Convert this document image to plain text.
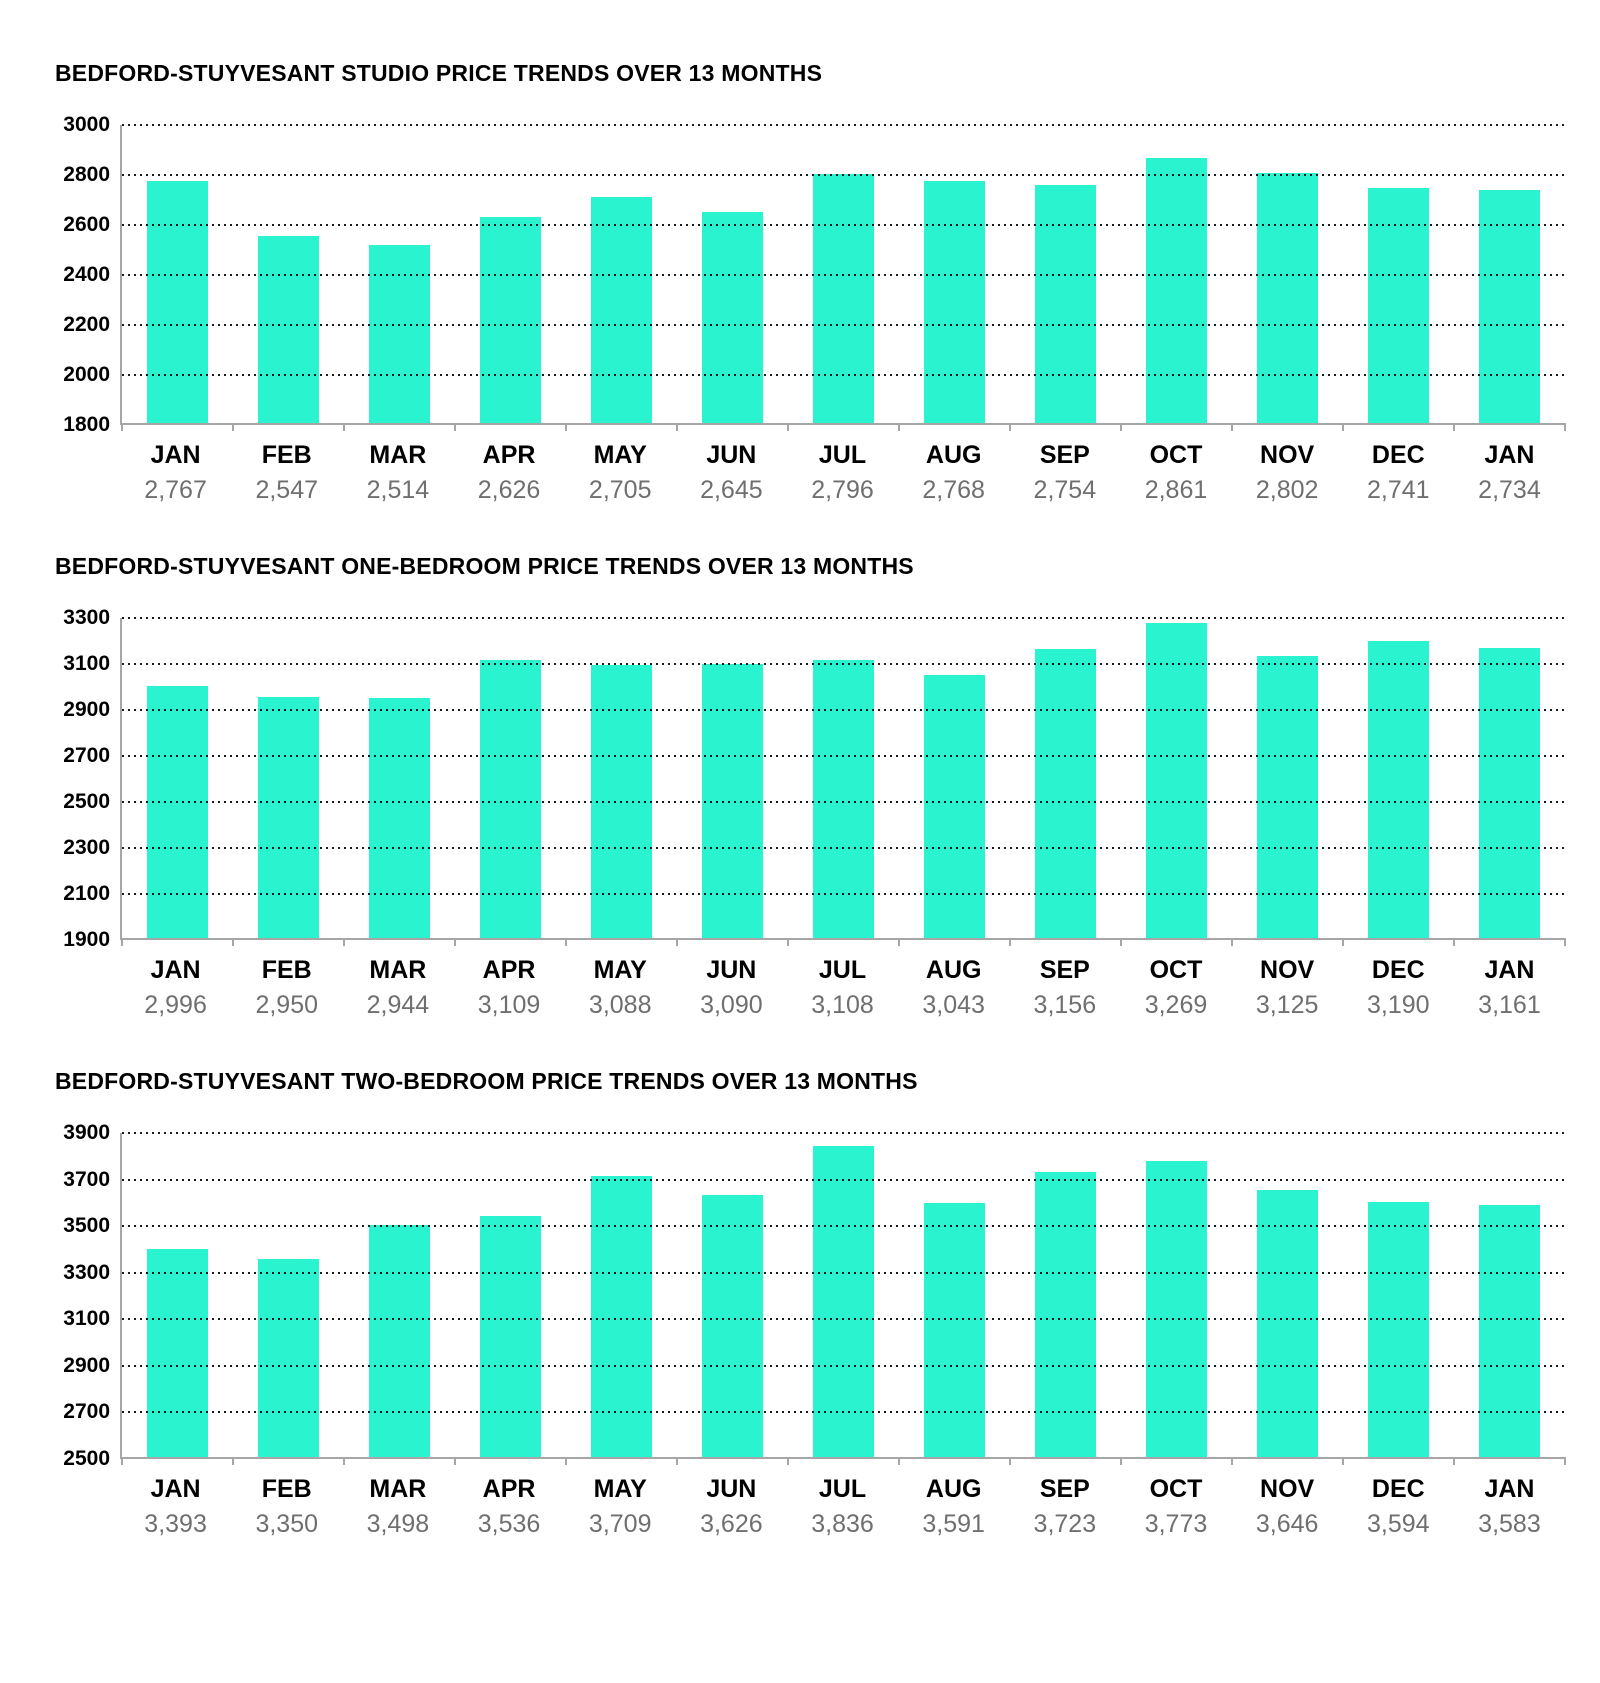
BEDFORD-STUYVESANT STUDIO PRICE TRENDS OVER 13 MONTHS
3000
2800
2600
2400
2200
2000
1800
JAN
2,767
FEB
2,547
MAR
2,514
APR
2,626
MAY
2,705
JUN
2,645
JUL
2,796
AUG
2,768
SEP
2,754
OCT
2,861
NOV
2,802
DEC
2,741
JAN
2,734
BEDFORD-STUYVESANT ONE-BEDROOM PRICE TRENDS OVER 13 MONTHS
3300
3100
2900
2700
2500
2300
2100
1900
JAN
2,996
FEB
2,950
MAR
2,944
APR
3,109
MAY
3,088
JUN
3,090
JUL
3,108
AUG
3,043
SEP
3,156
OCT
3,269
NOV
3,125
DEC
3,190
JAN
3,161
BEDFORD-STUYVESANT TWO-BEDROOM PRICE TRENDS OVER 13 MONTHS
3900
3700
3500
3300
3100
2900
2700
2500
JAN
3,393
FEB
3,350
MAR
3,498
APR
3,536
MAY
3,709
JUN
3,626
JUL
3,836
AUG
3,591
SEP
3,723
OCT
3,773
NOV
3,646
DEC
3,594
JAN
3,583
